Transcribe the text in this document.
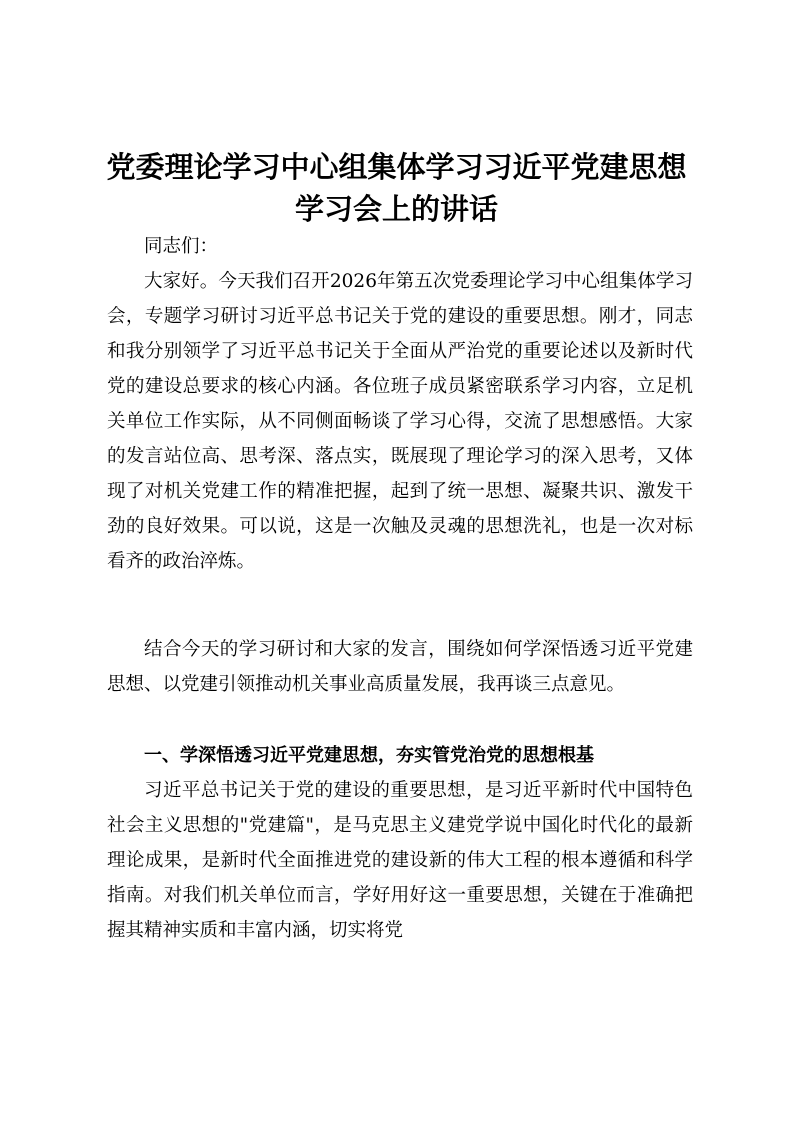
党委理论学习中心组集体学习习近平党建思想
学习会上的讲话

同志们：

大家好。今天我们召开2026年第五次党委理论学习中心组集体学习会，专题学习研讨习近平总书记关于党的建设的重要思想。刚才，同志和我分别领学了习近平总书记关于全面从严治党的重要论述以及新时代党的建设总要求的核心内涵。各位班子成员紧密联系学习内容，立足机关单位工作实际，从不同侧面畅谈了学习心得，交流了思想感悟。大家的发言站位高、思考深、落点实，既展现了理论学习的深入思考，又体现了对机关党建工作的精准把握，起到了统一思想、凝聚共识、激发干劲的良好效果。可以说，这是一次触及灵魂的思想洗礼，也是一次对标看齐的政治淬炼。

结合今天的学习研讨和大家的发言，围绕如何学深悟透习近平党建思想、以党建引领推动机关事业高质量发展，我再谈三点意见。

一、学深悟透习近平党建思想，夯实管党治党的思想根基

习近平总书记关于党的建设的重要思想，是习近平新时代中国特色社会主义思想的"党建篇"，是马克思主义建党学说中国化时代化的最新理论成果，是新时代全面推进党的建设新的伟大工程的根本遵循和科学指南。对我们机关单位而言，学好用好这一重要思想，关键在于准确把握其精神实质和丰富内涵，切实将党
